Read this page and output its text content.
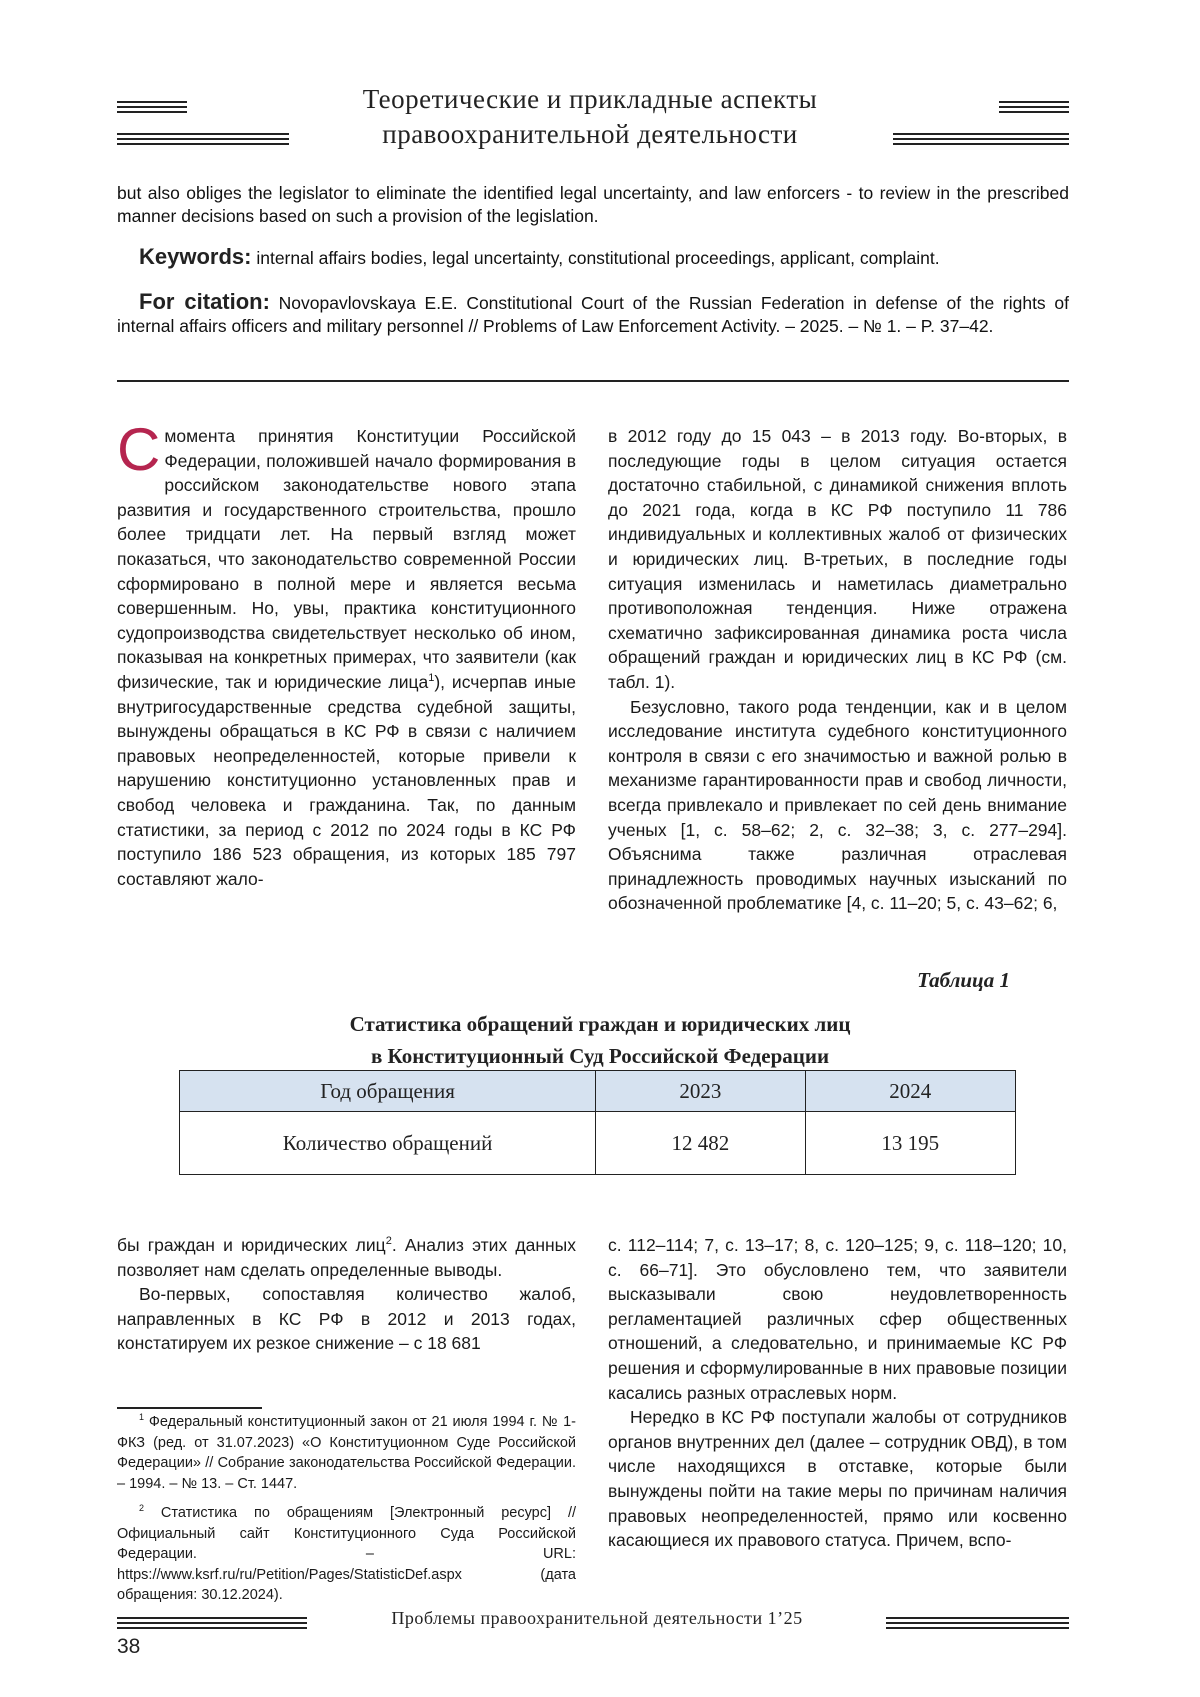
Теоретические и прикладные аспекты
правоохранительной деятельности
but also obliges the legislator to eliminate the identified legal uncertainty, and law enforcers - to review in the prescribed manner decisions based on such a provision of the legislation.
Keywords: internal affairs bodies, legal uncertainty, constitutional proceedings, applicant, complaint.
For citation: Novopavlovskaya E.E. Constitutional Court of the Russian Federation in defense of the rights of internal affairs officers and military personnel // Problems of Law Enforcement Activity. – 2025. – № 1. – P. 37–42.

Смомента принятия Конституции Российской Федерации, положившей начало формирования в российском законодательстве нового этапа развития и государственного строительства, прошло более тридцати лет. На первый взгляд может показаться, что законодательство современной России сформировано в полной мере и является весьма совершенным. Но, увы, практика конституционного судопроизводства свидетельствует несколько об ином, показывая на конкретных примерах, что заявители (как физические, так и юридические лица$^1$), исчерпав иные внутригосударственные средства судебной защиты, вынуждены обращаться в КС РФ в связи с наличием правовых неопределенностей, которые привели к нарушению конституционно установленных прав и свобод человека и гражданина. Так, по данным статистики, за период с 2012 по 2024 годы в КС РФ поступило 186 523 обращения, из которых 185 797 составляют жало-

в 2012 году до 15 043 – в 2013 году. Во-вторых, в последующие годы в целом ситуация остается достаточно стабильной, с динамикой снижения вплоть до 2021 года, когда в КС РФ поступило 11 786 индивидуальных и коллективных жалоб от физических и юридических лиц. В-третьих, в последние годы ситуация изменилась и наметилась диаметрально противоположная тенденция. Ниже отражена схематично зафиксированная динамика роста числа обращений граждан и юридических лиц в КС РФ (см. табл. 1).

Безусловно, такого рода тенденции, как и в целом исследование института судебного конституционного контроля в связи с его значимостью и важной ролью в механизме гарантированности прав и свобод личности, всегда привлекало и привлекает по сей день внимание ученых [1, с. 58–62; 2, с. 32–38; 3, с. 277–294]. Объяснима также различная отраслевая принадлежность проводимых научных изысканий по обозначенной проблематике [4, с. 11–20; 5, с. 43–62; 6,

Таблица 1
Статистика обращений граждан и юридических лиц
в Конституционный Суд Российской Федерации
Год обращения	2023	2024
Количество обращений	12 482	13 195

бы граждан и юридических лиц$^2$. Анализ этих данных позволяет нам сделать определенные выводы.

Во-первых, сопоставляя количество жалоб, направленных в КС РФ в 2012 и 2013 годах, констатируем их резкое снижение – с 18 681

с. 112–114; 7, с. 13–17; 8, с. 120–125; 9, с. 118–120; 10, с. 66–71]. Это обусловлено тем, что заявители высказывали свою неудовлетворенность регламентацией различных сфер общественных отношений, а следовательно, и принимаемые КС РФ решения и сформулированные в них правовые позиции касались разных отраслевых норм.

Нередко в КС РФ поступали жалобы от сотрудников органов внутренних дел (далее – сотрудник ОВД), в том числе находящихся в отставке, которые были вынуждены пойти на такие меры по причинам наличия правовых неопределенностей, прямо или косвенно касающиеся их правового статуса. Причем, вспо-

$^1$ Федеральный конституционный закон от 21 июля 1994 г. № 1-ФКЗ (ред. от 31.07.2023) «О Конституционном Суде Российской Федерации» // Собрание законодательства Российской Федерации. – 1994. – № 13. – Ст. 1447.
$^2$ Статистика по обращениям [Электронный ресурс] // Официальный сайт Конституционного Суда Российской Федерации. – URL: https://www.ksrf.ru/ru/Petition/Pages/StatisticDef.aspx (дата обращения: 30.12.2024).
Проблемы правоохранительной деятельности 1’25
38
